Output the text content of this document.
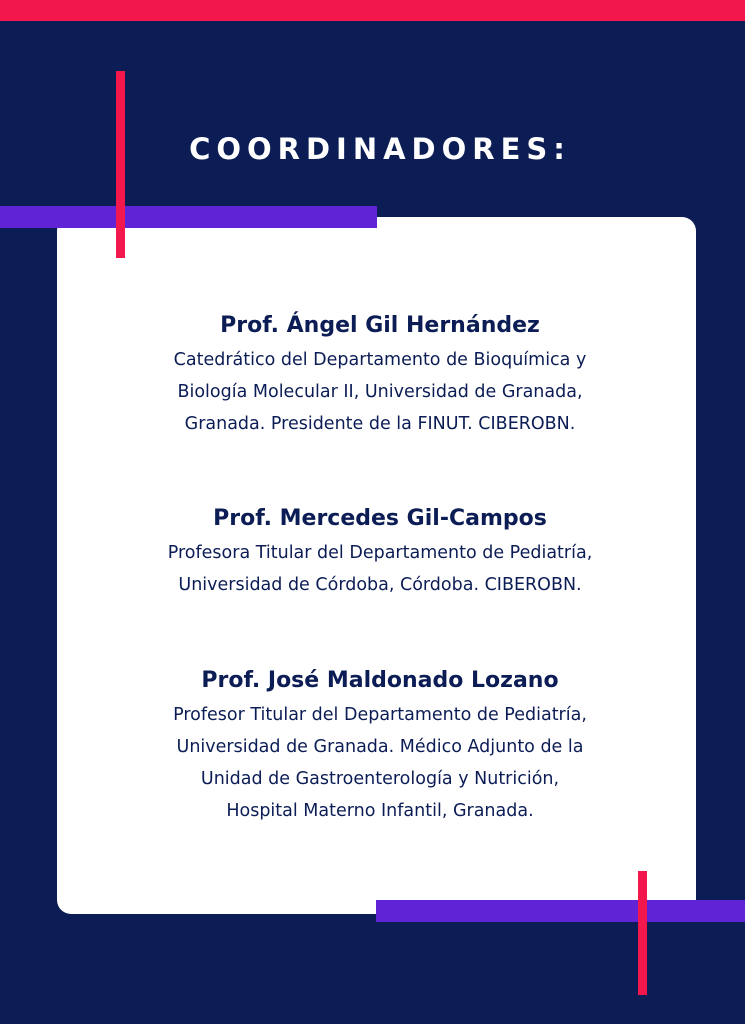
COORDINADORES:
Prof. Ángel Gil Hernández
Catedrático del Departamento de Bioquímica y
Biología Molecular II, Universidad de Granada,
Granada. Presidente de la FINUT. CIBEROBN.
Prof. Mercedes Gil-Campos
Profesora Titular del Departamento de Pediatría,
Universidad de Córdoba, Córdoba. CIBEROBN.
Prof. José Maldonado Lozano
Profesor Titular del Departamento de Pediatría,
Universidad de Granada. Médico Adjunto de la
Unidad de Gastroenterología y Nutrición,
Hospital Materno Infantil, Granada.
